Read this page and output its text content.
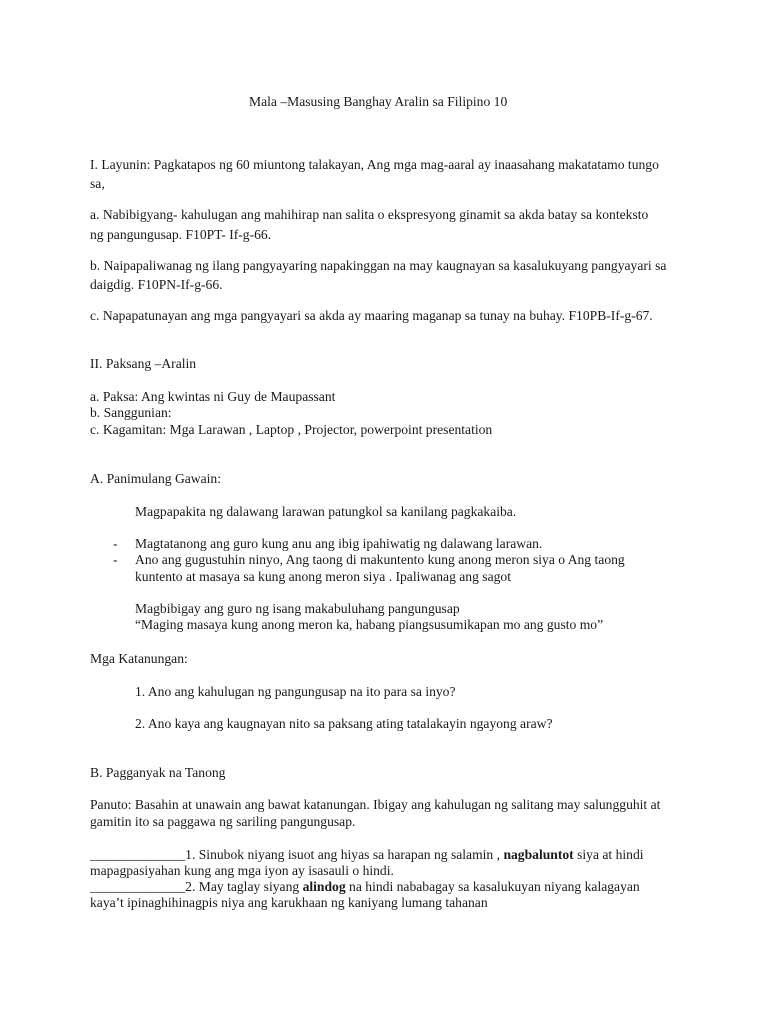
Mala –Masusing Banghay Aralin sa Filipino 10
I. Layunin: Pagkatapos ng 60 miuntong talakayan, Ang mga mag-aaral ay inaasahang makatatamo tungo
sa,
a. Nabibigyang- kahulugan ang mahihirap nan salita o ekspresyong ginamit sa akda batay sa konteksto
ng pangungusap. F10PT- If-g-66.
b. Naipapaliwanag ng ilang pangyayaring napakinggan na may kaugnayan sa kasalukuyang pangyayari sa
daigdig. F10PN-If-g-66.
c. Napapatunayan ang mga pangyayari sa akda ay maaring maganap sa tunay na buhay. F10PB-If-g-67.
II. Paksang –Aralin
a. Paksa: Ang kwintas ni Guy de Maupassant
b. Sanggunian:
c. Kagamitan: Mga Larawan , Laptop , Projector, powerpoint presentation
A. Panimulang Gawain:
Magpapakita ng dalawang larawan patungkol sa kanilang pagkakaiba.
- Magtatanong ang guro kung anu ang ibig ipahiwatig ng dalawang larawan.
- Ano ang gugustuhin ninyo, Ang taong di makuntento kung anong meron siya o Ang taong
kuntento at masaya sa kung anong meron siya . Ipaliwanag ang sagot
Magbibigay ang guro ng isang makabuluhang pangungusap
“Maging masaya kung anong meron ka, habang piangsusumikapan mo ang gusto mo”
Mga Katanungan:
1. Ano ang kahulugan ng pangungusap na ito para sa inyo?
2. Ano kaya ang kaugnayan nito sa paksang ating tatalakayin ngayong araw?
B. Pagganyak na Tanong
Panuto: Basahin at unawain ang bawat katanungan. Ibigay ang kahulugan ng salitang may salungguhit at
gamitin ito sa paggawa ng sariling pangungusap.
______________1. Sinubok niyang isuot ang hiyas sa harapan ng salamin , nagbaluntot siya at hindi
mapagpasiyahan kung ang mga iyon ay isasauli o hindi.
______________2. May taglay siyang alindog na hindi nababagay sa kasalukuyan niyang kalagayan
kaya’t ipinaghihinagpis niya ang karukhaan ng kaniyang lumang tahanan
